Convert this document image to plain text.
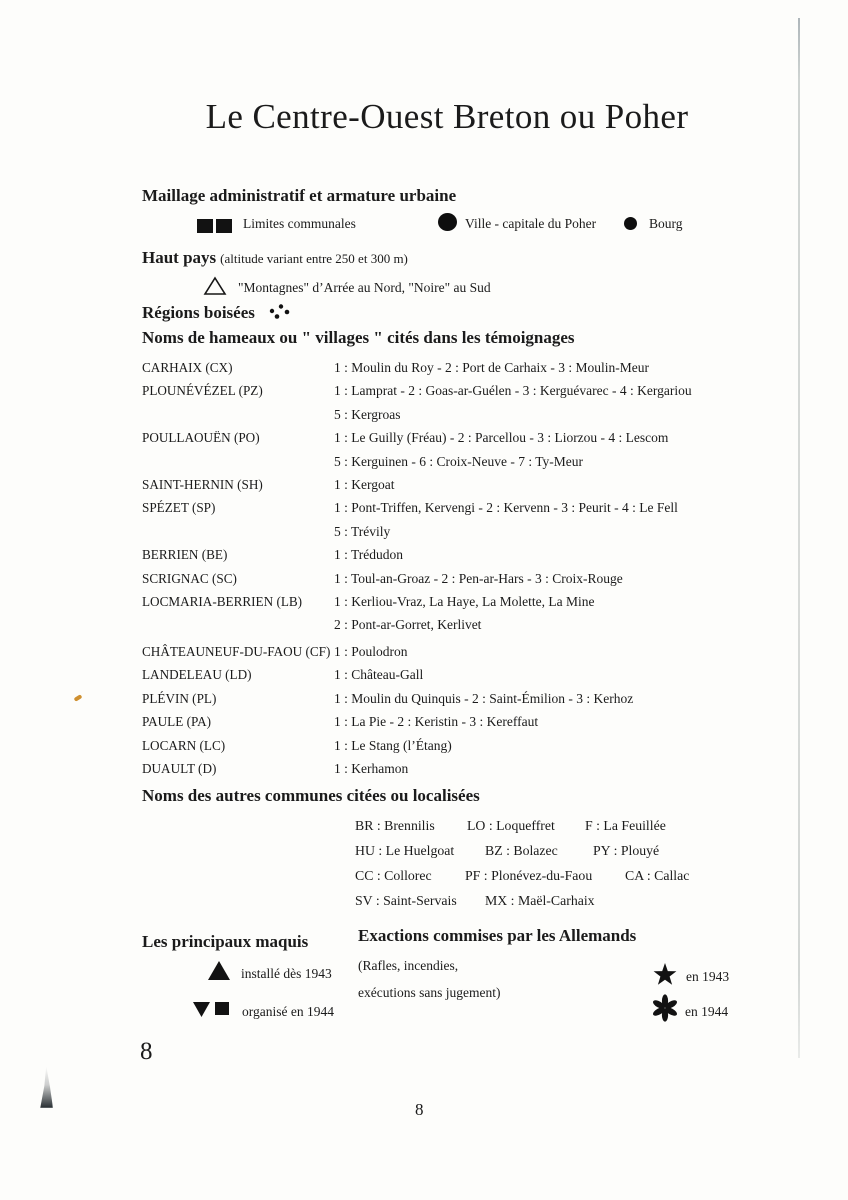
Le Centre-Ouest Breton ou Poher
Maillage administratif et armature urbaine
Limites communales	Ville - capitale du Poher	Bourg
Haut pays (altitude variant entre 250 et 300 m)
"Montagnes" d’Arrée au Nord, "Noire" au Sud
Régions boisées
Noms de hameaux ou " villages " cités dans les témoignages
CARHAIX (CX)	1 : Moulin du Roy - 2 : Port de Carhaix - 3 : Moulin-Meur
PLOUNÉVÉZEL (PZ)	1 : Lamprat - 2 : Goas-ar-Guélen - 3 : Kerguévarec - 4 : Kergariou
5 : Kergroas
POULLAOUËN (PO)	1 : Le Guilly (Fréau) - 2 : Parcellou - 3 : Liorzou - 4 : Lescom
5 : Kerguinen - 6 : Croix-Neuve - 7 : Ty-Meur
SAINT-HERNIN (SH)	1 : Kergoat
SPÉZET (SP)	1 : Pont-Triffen, Kervengi - 2 : Kervenn - 3 : Peurit - 4 : Le Fell
5 : Trévily
BERRIEN (BE)	1 : Trédudon
SCRIGNAC (SC)	1 : Toul-an-Groaz - 2 : Pen-ar-Hars - 3 : Croix-Rouge
LOCMARIA-BERRIEN (LB)	1 : Kerliou-Vraz, La Haye, La Molette, La Mine
2 : Pont-ar-Gorret, Kerlivet
CHÂTEAUNEUF-DU-FAOU (CF) 1 : Poulodron
LANDELEAU (LD)	1 : Château-Gall
PLÉVIN (PL)	1 : Moulin du Quinquis - 2 : Saint-Émilion - 3 : Kerhoz
PAULE (PA)	1 : La Pie - 2 : Keristin - 3 : Kereffaut
LOCARN (LC)	1 : Le Stang (l’Étang)
DUAULT (D)	1 : Kerhamon
Noms des autres communes citées ou localisées
BR : Brennilis LO : Loqueffret F : La Feuillée
HU : Le Huelgoat BZ : Bolazec	PY : Plouyé
CC : Collorec PF : Plonévez-du-Faou CA : Callac
SV : Saint-Servais MX : Maël-Carhaix
Les principaux maquis
installé dès 1943
organisé en 1944
Exactions commises par les Allemands
(Rafles, incendies,
exécutions sans jugement)
en 1943
en 1944
8
8
